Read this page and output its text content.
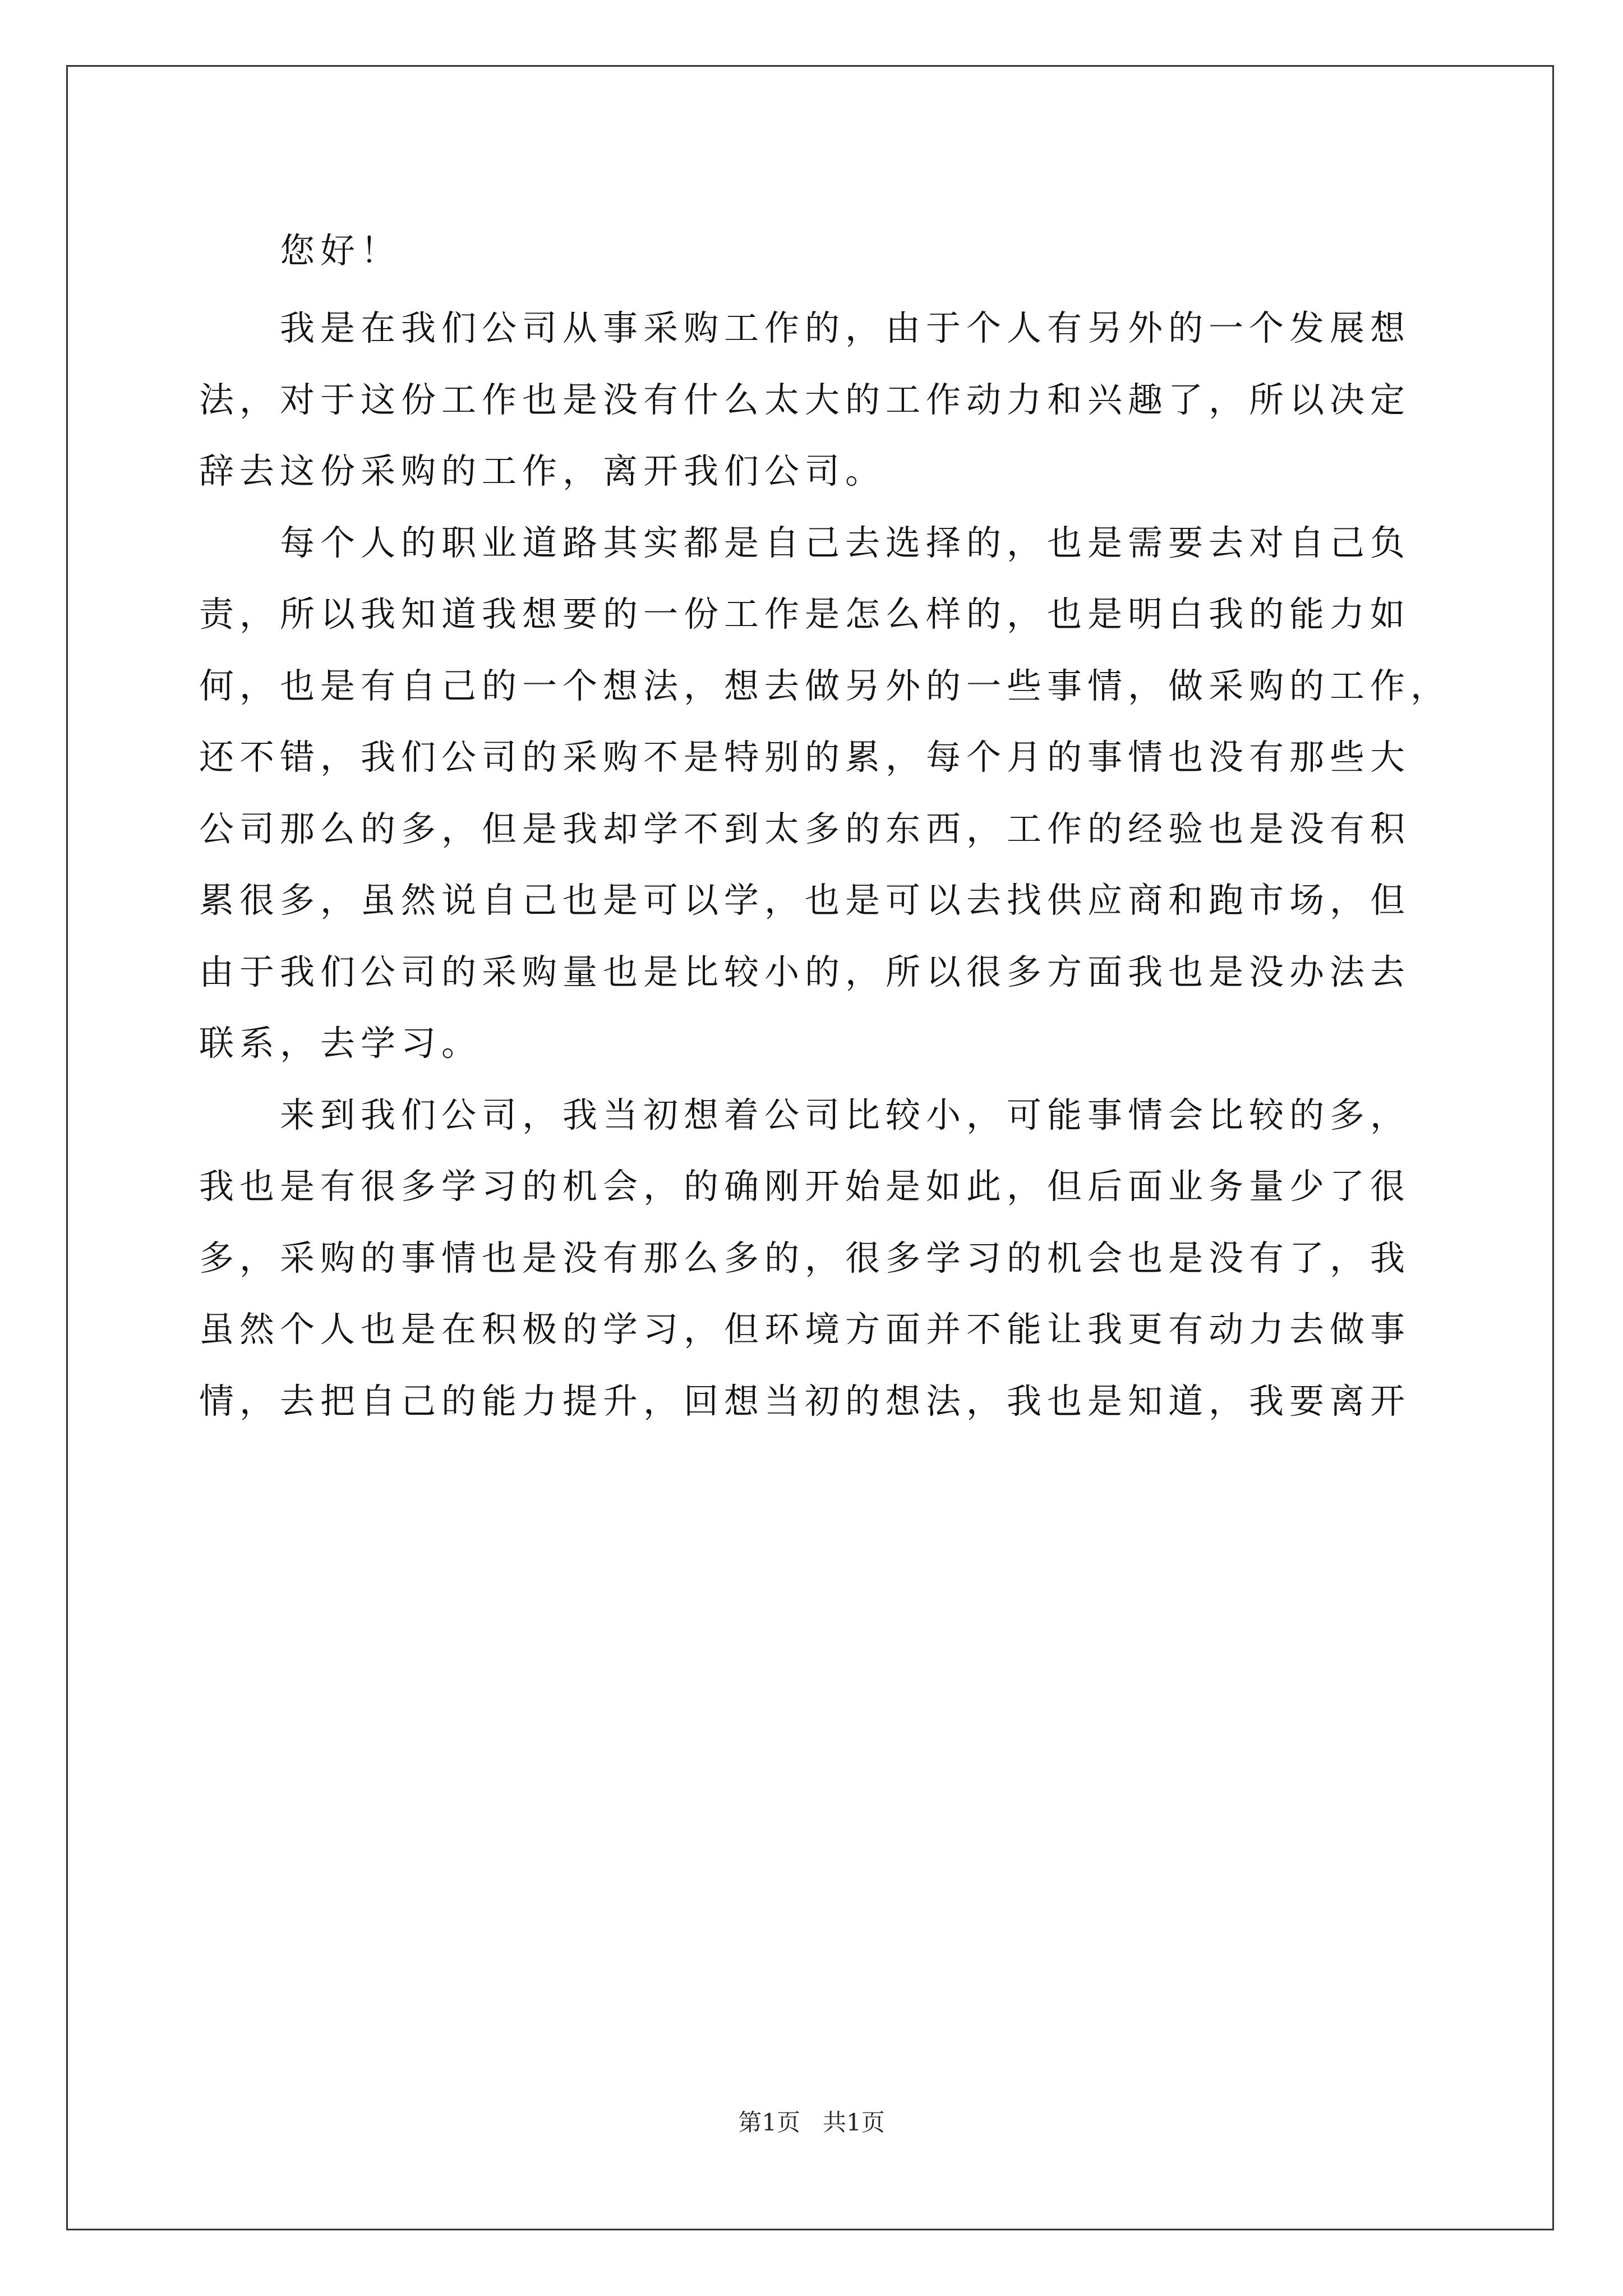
您好！

我是在我们公司从事采购工作的，由于个人有另外的一个发展想
法，对于这份工作也是没有什么太大的工作动力和兴趣了，所以决定
辞去这份采购的工作，离开我们公司。

每个人的职业道路其实都是自己去选择的，也是需要去对自己负
责，所以我知道我想要的一份工作是怎么样的，也是明白我的能力如
何，也是有自己的一个想法，想去做另外的一些事情，做采购的工作，
还不错，我们公司的采购不是特别的累，每个月的事情也没有那些大
公司那么的多，但是我却学不到太多的东西，工作的经验也是没有积
累很多，虽然说自己也是可以学，也是可以去找供应商和跑市场，但
由于我们公司的采购量也是比较小的，所以很多方面我也是没办法去
联系，去学习。

来到我们公司，我当初想着公司比较小，可能事情会比较的多，
我也是有很多学习的机会，的确刚开始是如此，但后面业务量少了很
多，采购的事情也是没有那么多的，很多学习的机会也是没有了，我
虽然个人也是在积极的学习，但环境方面并不能让我更有动力去做事
情，去把自己的能力提升，回想当初的想法，我也是知道，我要离开

第1页   共1页
